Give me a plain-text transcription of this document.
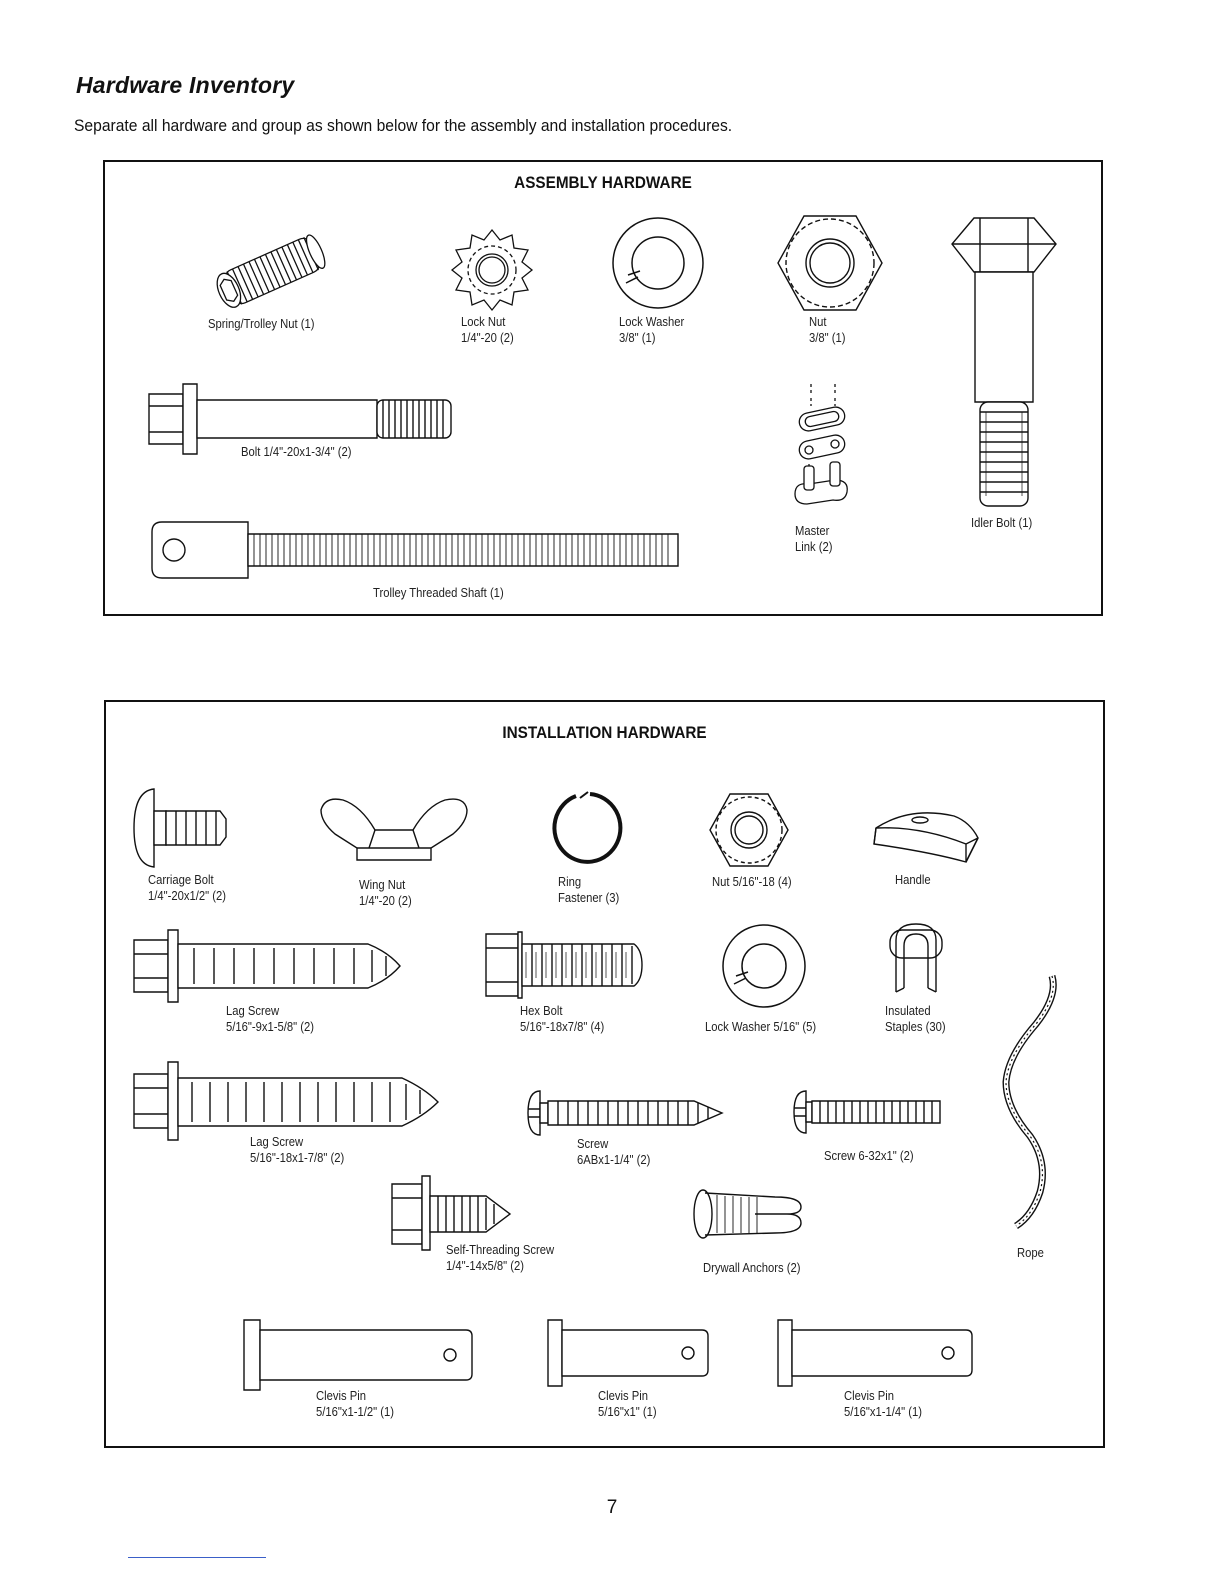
Hardware Inventory
Separate all hardware and group as shown below for the assembly and installation procedures.
ASSEMBLY HARDWARE
Spring/Trolley Nut (1)	Lock Nut
1/4"-20 (2)
Lock Washer
3/8" (1)
Nut
3/8" (1)
Idler Bolt (1)
Bolt 1/4"-20x1-3/4" (2)
Master
Link (2)
Trolley Threaded Shaft (1)
INSTALLATION HARDWARE
Carriage Bolt
1/4"-20x1/2" (2)
Wing Nut
1/4"-20 (2)
Ring
Fastener (3)
Nut 5/16"-18 (4)	Handle
Lag Screw
5/16"-9x1-5/8" (2)
Hex Bolt
5/16"-18x7/8" (4)	Lock Washer 5/16" (5)
Insulated
Staples (30)
Rope
Lag Screw
5/16"-18x1-7/8" (2)
Screw
6ABx1-1/4" (2)	Screw 6-32x1" (2)
Self-Threading Screw
1/4"-14x5/8" (2)	Drywall Anchors (2)
Clevis Pin
5/16"x1-1/2" (1)
Clevis Pin
5/16"x1" (1)
Clevis Pin
5/16"x1-1/4" (1)
7
